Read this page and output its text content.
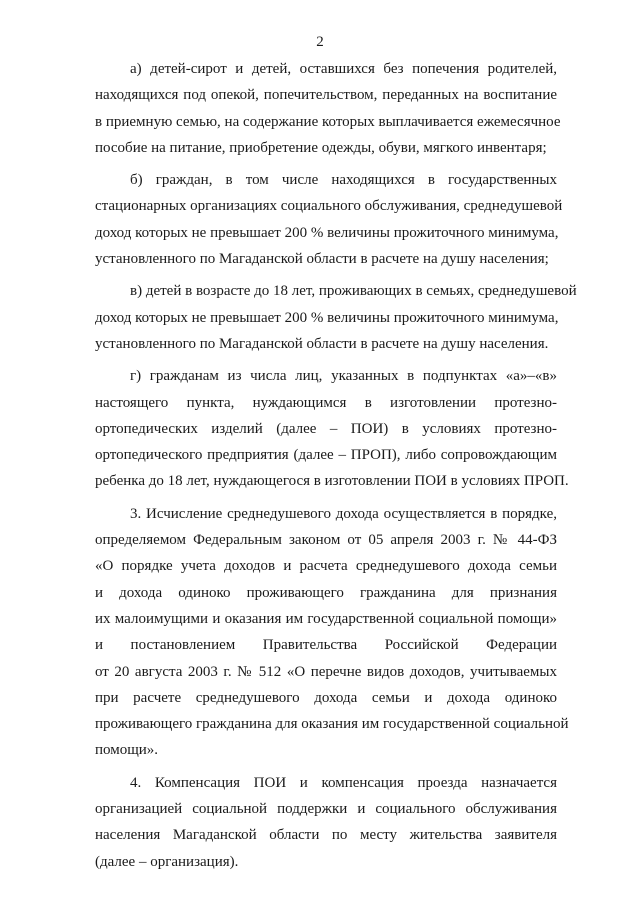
2
а) детей-сирот и детей, оставшихся без попечения родителей,
находящихся под опекой, попечительством, переданных на воспитание
в приемную семью, на содержание которых выплачивается ежемесячное
пособие на питание, приобретение одежды, обуви, мягкого инвентаря;
б) граждан, в том числе находящихся в государственных
стационарных организациях социального обслуживания, среднедушевой
доход которых не превышает 200 % величины прожиточного минимума,
установленного по Магаданской области в расчете на душу населения;
в) детей в возрасте до 18 лет, проживающих в семьях, среднедушевой
доход которых не превышает 200 % величины прожиточного минимума,
установленного по Магаданской области в расчете на душу населения.
г) гражданам из числа лиц, указанных в подпунктах «а»–«в»
настоящего пункта, нуждающимся в изготовлении протезно-
ортопедических изделий (далее – ПОИ) в условиях протезно-
ортопедического предприятия (далее – ПРОП), либо сопровождающим
ребенка до 18 лет, нуждающегося в изготовлении ПОИ в условиях ПРОП.
3. Исчисление среднедушевого дохода осуществляется в порядке,
определяемом Федеральным законом от 05 апреля 2003 г. № 44-ФЗ
«О порядке учета доходов и расчета среднедушевого дохода семьи
и дохода одиноко проживающего гражданина для признания
их малоимущими и оказания им государственной социальной помощи»
и постановлением Правительства Российской Федерации
от 20 августа 2003 г. № 512 «О перечне видов доходов, учитываемых
при расчете среднедушевого дохода семьи и дохода одиноко
проживающего гражданина для оказания им государственной социальной
помощи».
4. Компенсация ПОИ и компенсация проезда назначается
организацией социальной поддержки и социального обслуживания
населения Магаданской области по месту жительства заявителя
(далее – организация).
